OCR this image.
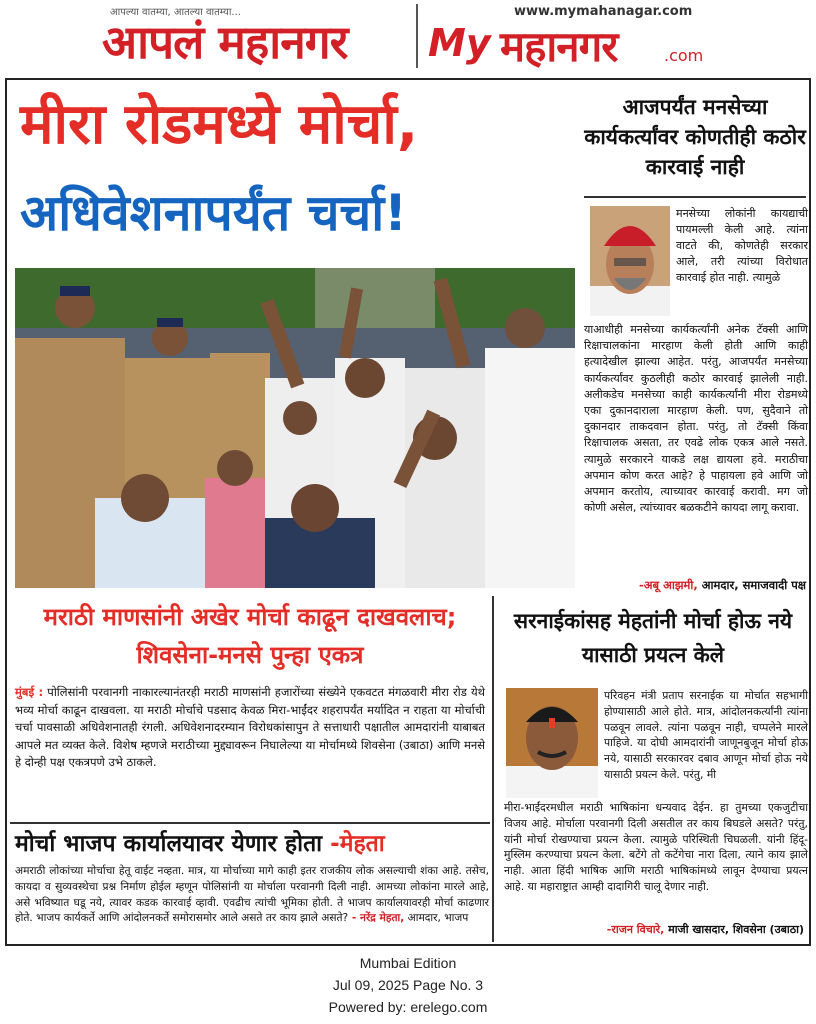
आपल्या वातम्या, आतल्या वातम्या...
आपलं महानगर
www.mymahanagar.com
My महानगर	.com
मीरा रोडमध्ये मोर्चा,
अधिवेशनापर्यंत चर्चा!
आजपर्यंत मनसेच्या कार्यकर्त्यांवर कोणतीही कठोर कारवाई नाही
मनसेच्या लोकांनी कायद्याची पायमल्ली केली आहे. त्यांना वाटते की, कोणतेही सरकार आले, तरी त्यांच्या विरोधात कारवाई होत नाही. त्यामुळे
याआधीही मनसेच्या कार्यकर्त्यांनी अनेक टॅक्सी आणि रिक्षाचालकांना मारहाण केली होती आणि काही हत्यादेखील झाल्या आहेत. परंतु, आजपर्यंत मनसेच्या कार्यकर्त्यांवर कुठलीही कठोर कारवाई झालेली नाही. अलीकडेच मनसेच्या काही कार्यकर्त्यांनी मीरा रोडमध्ये एका दुकानदाराला मारहाण केली. पण, सुदैवाने तो दुकानदार ताकदवान होता. परंतु, तो टॅक्सी किंवा रिक्षाचालक असता, तर एवढे लोक एकत्र आले नसते. त्यामुळे सरकारने याकडे लक्ष द्यायला हवे. मराठीचा अपमान कोण करत आहे? हे पाहायला हवे आणि जो अपमान करतोय, त्याच्यावर कारवाई करावी. मग जो कोणी असेल, त्यांच्यावर बळकटीने कायदा लागू करावा.
-अबू आझमी, आमदार, समाजवादी पक्ष
मराठी माणसांनी अखेर मोर्चा काढून दाखवलाच; शिवसेना-मनसे पुन्हा एकत्र
मुंबई : पोलिसांनी परवानगी नाकारल्यानंतरही मराठी माणसांनी हजारोंच्या संख्येने एकवटत मंगळवारी मीरा रोड येथे भव्य मोर्चा काढून दाखवला. या मराठी मोर्चाचे पडसाद केवळ मिरा-भाईंदर शहरापर्यंत मर्यादित न राहता या मोर्चाची चर्चा पावसाळी अधिवेशनातही रंगली. अधिवेशनादरम्यान विरोधकांसापुन ते सत्ताधारी पक्षातील आमदारांनी याबाबत आपले मत व्यक्त केले. विशेष म्हणजे मराठीच्या मुद्द्यावरून निघालेल्या या मोर्चामध्ये शिवसेना (उबाठा) आणि मनसे हे दोन्ही पक्ष एकत्रपणे उभे ठाकले.
मोर्चा भाजप कार्यालयावर येणार होता -मेहता
अमराठी लोकांच्या मोर्चाचा हेतू वाईट नव्हता. मात्र, या मोर्चाच्या मागे काही इतर राजकीय लोक असल्याची शंका आहे. तसेच, कायदा व सुव्यवस्थेचा प्रश्न निर्माण होईल म्हणून पोलिसांनी या मोर्चाला परवानगी दिली नाही. आमच्या लोकांना मारले आहे, असे भविष्यात घडू नये, त्यावर कडक कारवाई व्हावी. एवढीच त्यांची भूमिका होती. ते भाजप कार्यालयावरही मोर्चा काढणार होते. भाजप कार्यकर्ते आणि आंदोलनकर्ते समोरासमोर आले असते तर काय झाले असते? - नरेंद्र मेहता, आमदार, भाजप
सरनाईकांसह मेहतांनी मोर्चा होऊ नये यासाठी प्रयत्न केले
परिवहन मंत्री प्रताप सरनाईक या मोर्चात सहभागी होण्यासाठी आले होते. मात्र, आंदोलनकर्त्यांनी त्यांना पळवून लावले. त्यांना पळवून नाही, चप्पलेने मारले पाहिजे. या दोघी आमदारांनी जाणूनबुजून मोर्चा होऊ नये, यासाठी सरकारवर दबाव आणून मोर्चा होऊ नये यासाठी प्रयत्न केले. परंतु, मी
मीरा-भाईंदरमधील मराठी भाषिकांना धन्यवाद देईन. हा तुमच्या एकजुटीचा विजय आहे. मोर्चाला परवानगी दिली असतील तर काय बिघडले असते? परंतु, यांनी मोर्चा रोखण्याचा प्रयत्न केला. त्यामुळे परिस्थिती चिघळली. यांनी हिंदू-मुस्लिम करण्याचा प्रयत्न केला. बटेंगे तो कटेंगेचा नारा दिला, त्याने काय झाले नाही. आता हिंदी भाषिक आणि मराठी भाषिकांमध्ये लावून देण्याचा प्रयत्न आहे. या महाराष्ट्रात आम्ही दादागिरी चालू देणार नाही.
-राजन विचारे, माजी खासदार, शिवसेना (उबाठा)
Mumbai Edition
Jul 09, 2025 Page No. 3
Powered by: erelego.com
